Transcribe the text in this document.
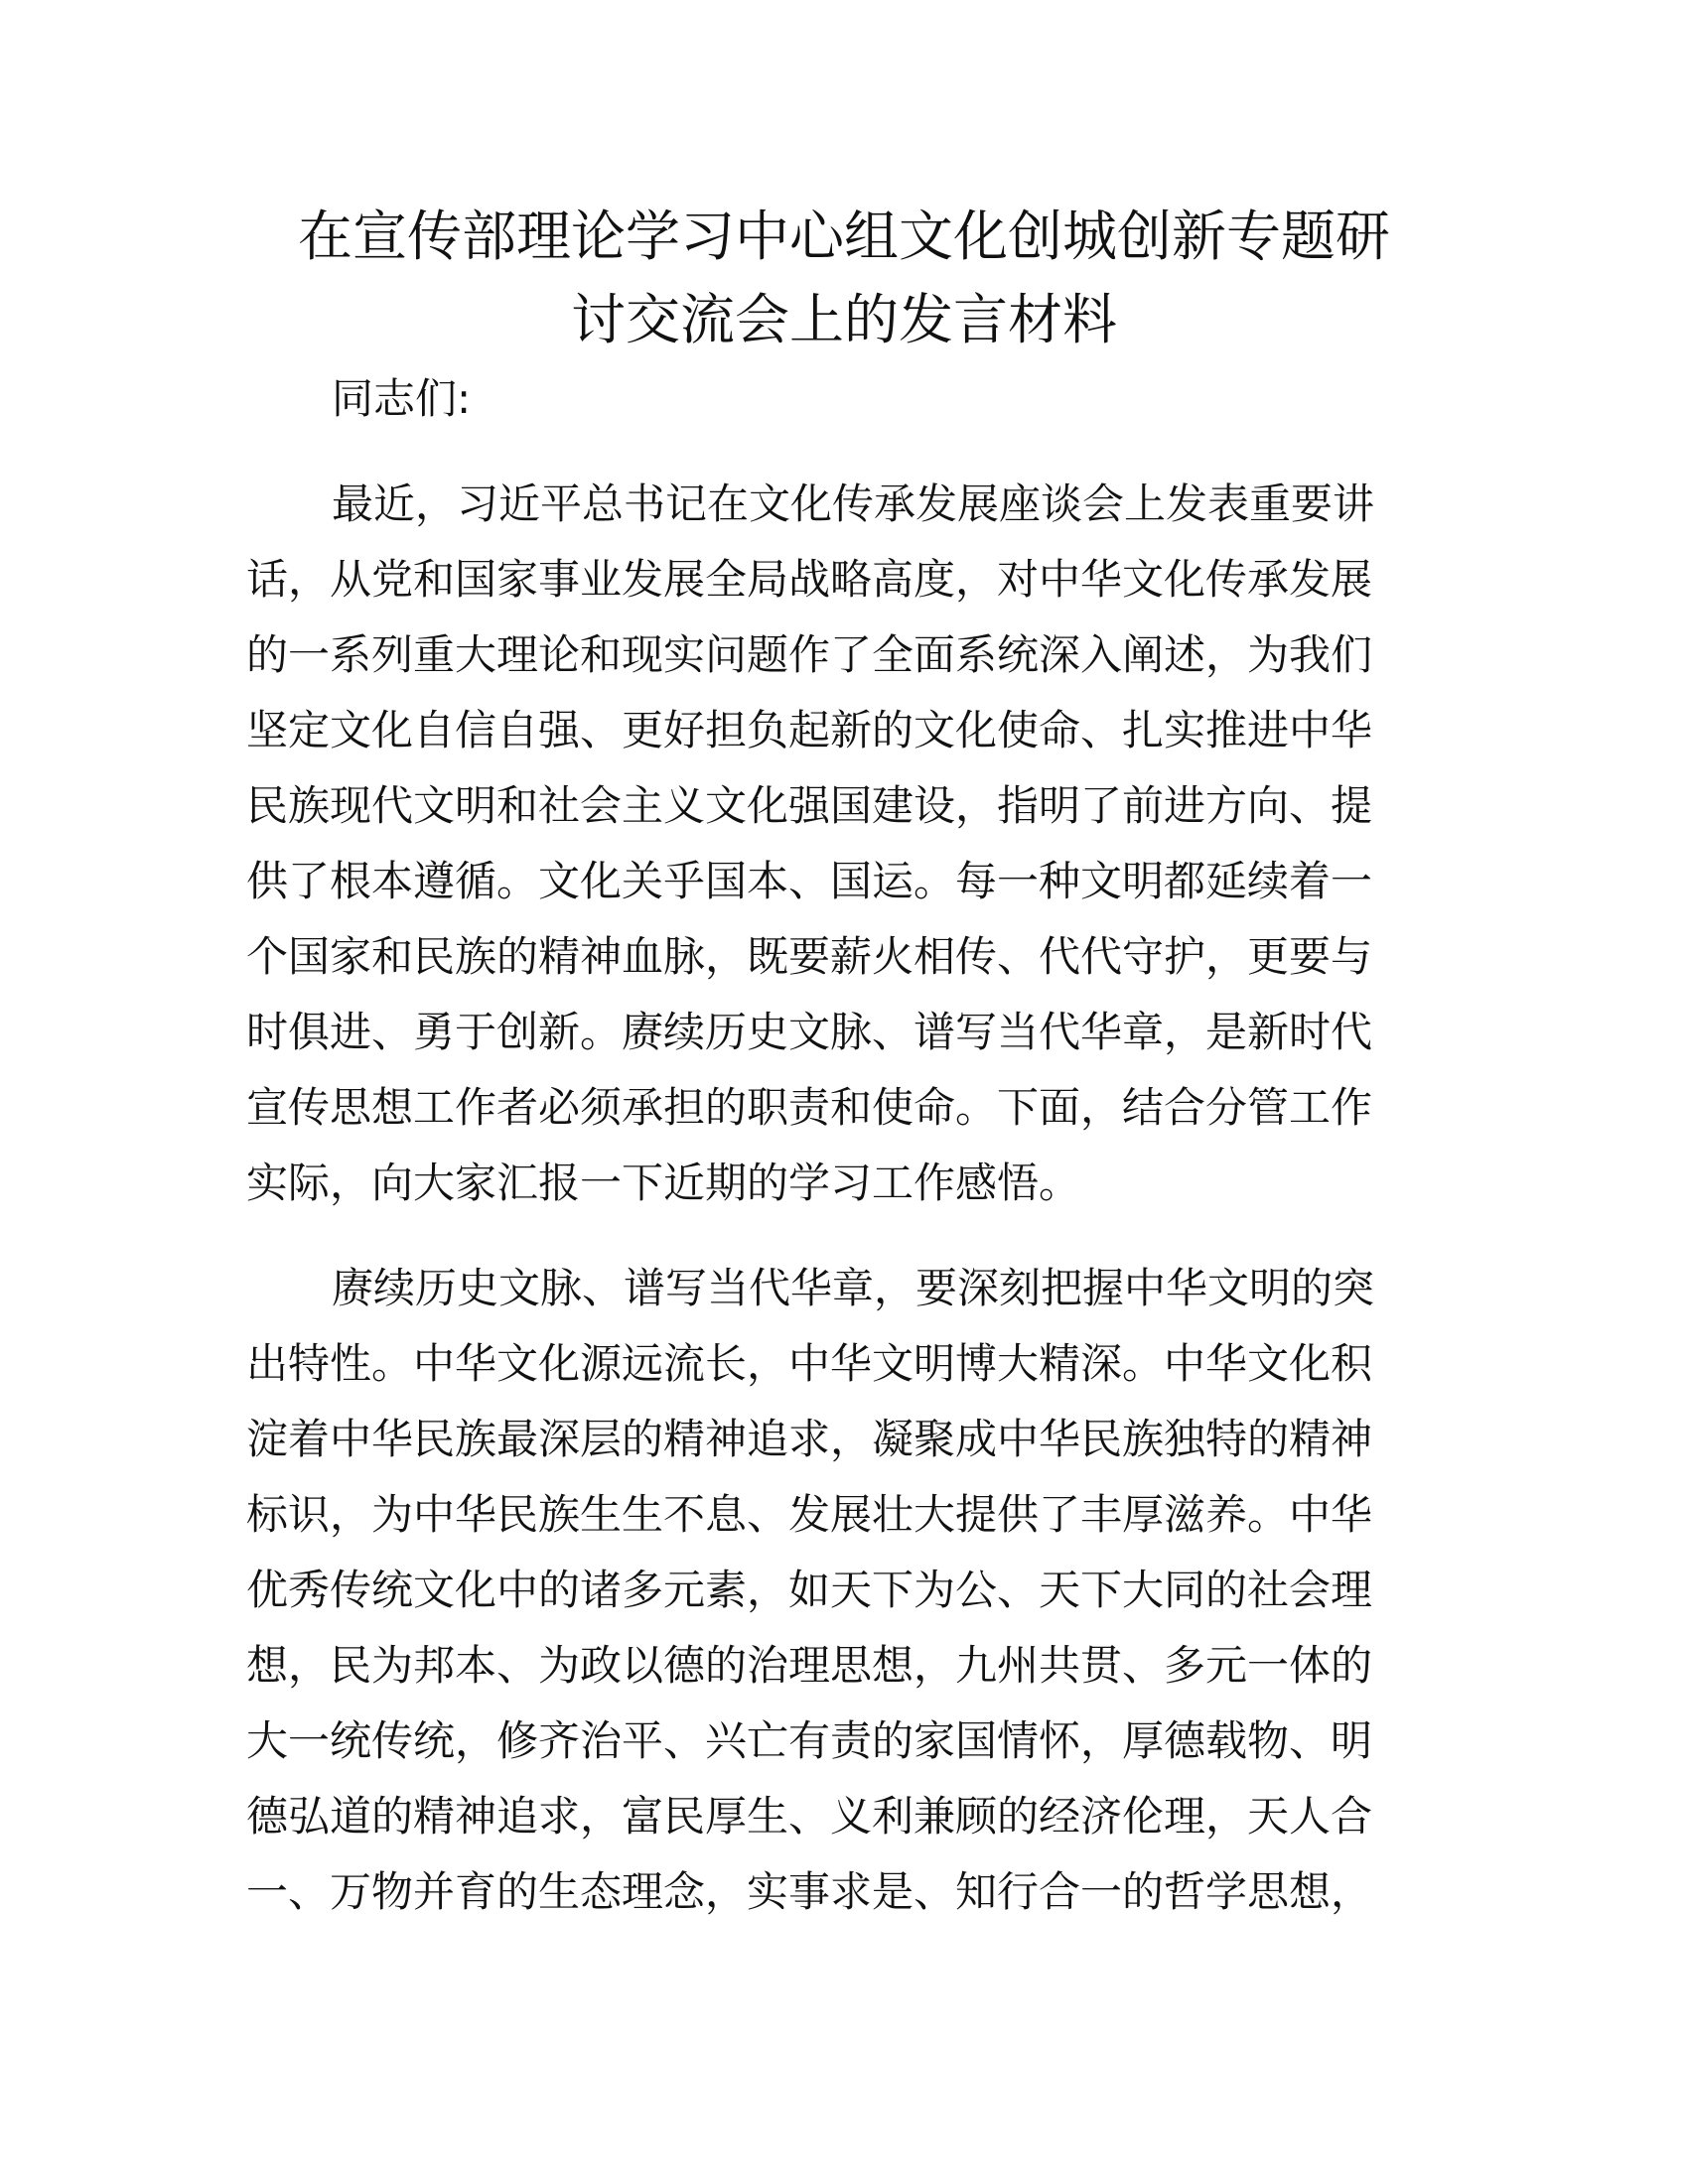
在宣传部理论学习中心组文化创城创新专题研
讨交流会上的发言材料

同志们:

最近，习近平总书记在文化传承发展座谈会上发表重要讲
话，从党和国家事业发展全局战略高度，对中华文化传承发展
的一系列重大理论和现实问题作了全面系统深入阐述，为我们
坚定文化自信自强、更好担负起新的文化使命、扎实推进中华
民族现代文明和社会主义文化强国建设，指明了前进方向、提
供了根本遵循。文化关乎国本、国运。每一种文明都延续着一
个国家和民族的精神血脉，既要薪火相传、代代守护，更要与
时俱进、勇于创新。赓续历史文脉、谱写当代华章，是新时代
宣传思想工作者必须承担的职责和使命。下面，结合分管工作
实际，向大家汇报一下近期的学习工作感悟。
赓续历史文脉、谱写当代华章，要深刻把握中华文明的突
出特性。中华文化源远流长，中华文明博大精深。中华文化积
淀着中华民族最深层的精神追求，凝聚成中华民族独特的精神
标识，为中华民族生生不息、发展壮大提供了丰厚滋养。中华
优秀传统文化中的诸多元素，如天下为公、天下大同的社会理
想，民为邦本、为政以德的治理思想，九州共贯、多元一体的
大一统传统，修齐治平、兴亡有责的家国情怀，厚德载物、明
德弘道的精神追求，富民厚生、义利兼顾的经济伦理，天人合
一、万物并育的生态理念，实事求是、知行合一的哲学思想，
